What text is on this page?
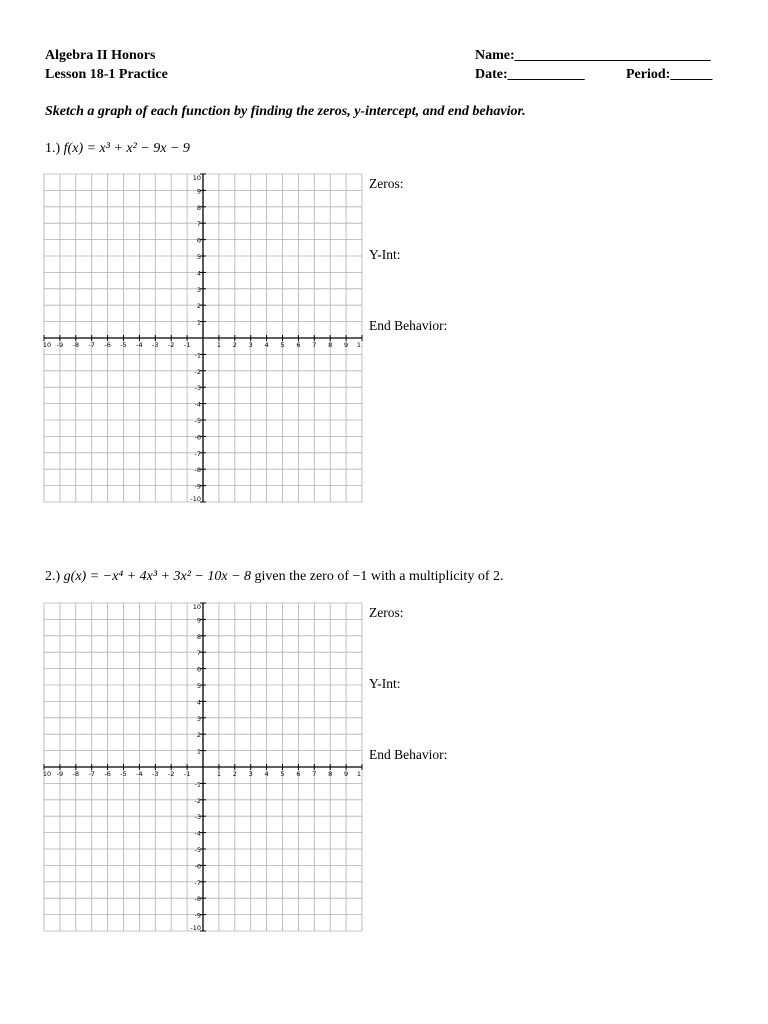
Algebra II Honors
Lesson 18-1 Practice
Name:____________________________
Date:___________	Period:______
Sketch a graph of each function by finding the zeros, y-intercept, and end behavior.
1.) f(x) = x³ + x² − 9x − 9
10 -9 -8 -7 -6 -5 -4 -3 -2 -1	1 2 3 4 5 6 7 8 9 1
10
9
8
7
6
5
4
3
2
1
-1
-2
-3
-4
-5
-6
-7
-8
-9
-10
Zeros:
Y-Int:
End Behavior:
2.) g(x) = −x⁴ + 4x³ + 3x² − 10x − 8 given the zero of −1 with a multiplicity of 2.
10 -9 -8 -7 -6 -5 -4 -3 -2 -1	1 2 3 4 5 6 7 8 9 1
10
9
8
7
6
5
4
3
2
1
-1
-2
-3
-4
-5
-6
-7
-8
-9
-10
Zeros:
Y-Int:
End Behavior:
